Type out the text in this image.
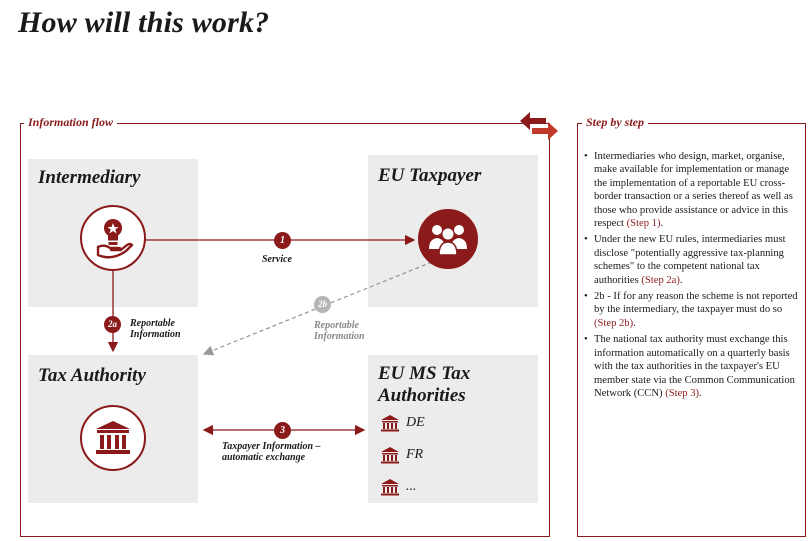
How will this work?
Information flow	Step by step
Intermediary	EU Taxpayer
Tax Authority	EU MS Tax
Authorities
DE
FR
...
1
Service
2a	Reportable
Information
2b
Reportable
Information
3
Taxpayer Information –
automatic exchange
• Intermediaries who design, market, organise, make available for implementation or manage the implementation of a reportable EU cross-border transaction or a series thereof as well as those who provide assistance or advice in this respect (Step 1).
• Under the new EU rules, intermediaries must disclose "potentially aggressive tax-planning schemes" to the competent national tax authorities (Step 2a).
• 2b - If for any reason the scheme is not reported by the intermediary, the taxpayer must do so (Step 2b).
• The national tax authority must exchange this information automatically on a quarterly basis with the tax authorities in the taxpayer's EU member state via the Common Communication Network (CCN) (Step 3).
